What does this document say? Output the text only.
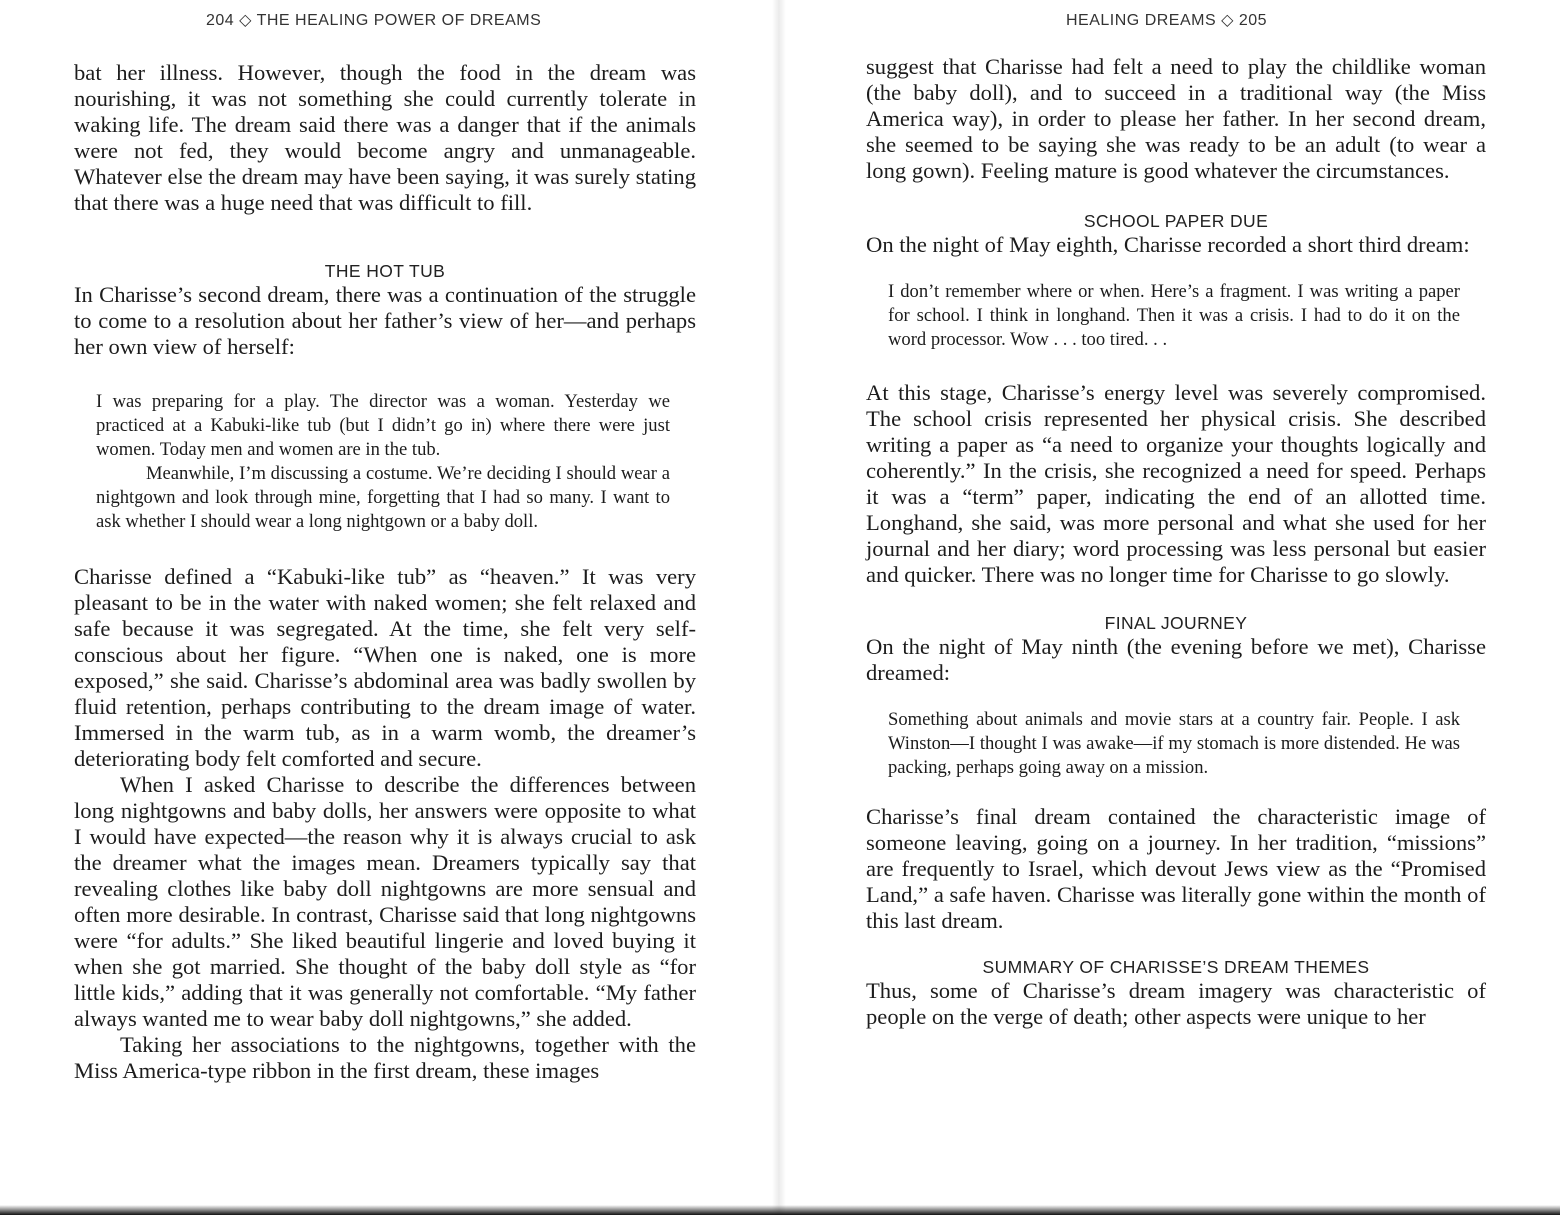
204 ◇ THE HEALING POWER OF DREAMS

bat her illness. However, though the food in the dream was nourishing, it was not something she could currently tolerate in waking life. The dream said there was a danger that if the animals were not fed, they would become angry and unmanageable. Whatever else the dream may have been saying, it was surely stating that there was a huge need that was difficult to fill.

THE HOT TUB

In Charisse’s second dream, there was a continuation of the struggle to come to a resolution about her father’s view of her—and perhaps her own view of herself:

I was preparing for a play. The director was a woman. Yesterday we practiced at a Kabuki-like tub (but I didn’t go in) where there were just women. Today men and women are in the tub.

Meanwhile, I’m discussing a costume. We’re deciding I should wear a nightgown and look through mine, forgetting that I had so many. I want to ask whether I should wear a long nightgown or a baby doll.

Charisse defined a “Kabuki-like tub” as “heaven.” It was very pleasant to be in the water with naked women; she felt relaxed and safe because it was segregated. At the time, she felt very self-conscious about her figure. “When one is naked, one is more exposed,” she said. Charisse’s abdominal area was badly swollen by fluid retention, perhaps contributing to the dream image of water. Immersed in the warm tub, as in a warm womb, the dreamer’s deteriorating body felt comforted and secure.

When I asked Charisse to describe the differences between long nightgowns and baby dolls, her answers were opposite to what I would have expected—the reason why it is always crucial to ask the dreamer what the images mean. Dreamers typically say that revealing clothes like baby doll nightgowns are more sensual and often more desirable. In contrast, Charisse said that long nightgowns were “for adults.” She liked beautiful lingerie and loved buying it when she got married. She thought of the baby doll style as “for little kids,” adding that it was generally not comfortable. “My father always wanted me to wear baby doll nightgowns,” she added.

Taking her associations to the nightgowns, together with the Miss America-type ribbon in the first dream, these images

HEALING DREAMS ◇ 205

suggest that Charisse had felt a need to play the childlike woman (the baby doll), and to succeed in a traditional way (the Miss America way), in order to please her father. In her second dream, she seemed to be saying she was ready to be an adult (to wear a long gown). Feeling mature is good whatever the circumstances.

SCHOOL PAPER DUE

On the night of May eighth, Charisse recorded a short third dream:

I don’t remember where or when. Here’s a fragment. I was writing a paper for school. I think in longhand. Then it was a crisis. I had to do it on the word processor. Wow . . . too tired. . .

At this stage, Charisse’s energy level was severely compromised. The school crisis represented her physical crisis. She described writing a paper as “a need to organize your thoughts logically and coherently.” In the crisis, she recognized a need for speed. Perhaps it was a “term” paper, indicating the end of an allotted time. Longhand, she said, was more personal and what she used for her journal and her diary; word processing was less personal but easier and quicker. There was no longer time for Charisse to go slowly.

FINAL JOURNEY

On the night of May ninth (the evening before we met), Charisse dreamed:

Something about animals and movie stars at a country fair. People. I ask Winston—I thought I was awake—if my stomach is more distended. He was packing, perhaps going away on a mission.

Charisse’s final dream contained the characteristic image of someone leaving, going on a journey. In her tradition, “missions” are frequently to Israel, which devout Jews view as the “Promised Land,” a safe haven. Charisse was literally gone within the month of this last dream.

SUMMARY OF CHARISSE’S DREAM THEMES

Thus, some of Charisse’s dream imagery was characteristic of people on the verge of death; other aspects were unique to her
